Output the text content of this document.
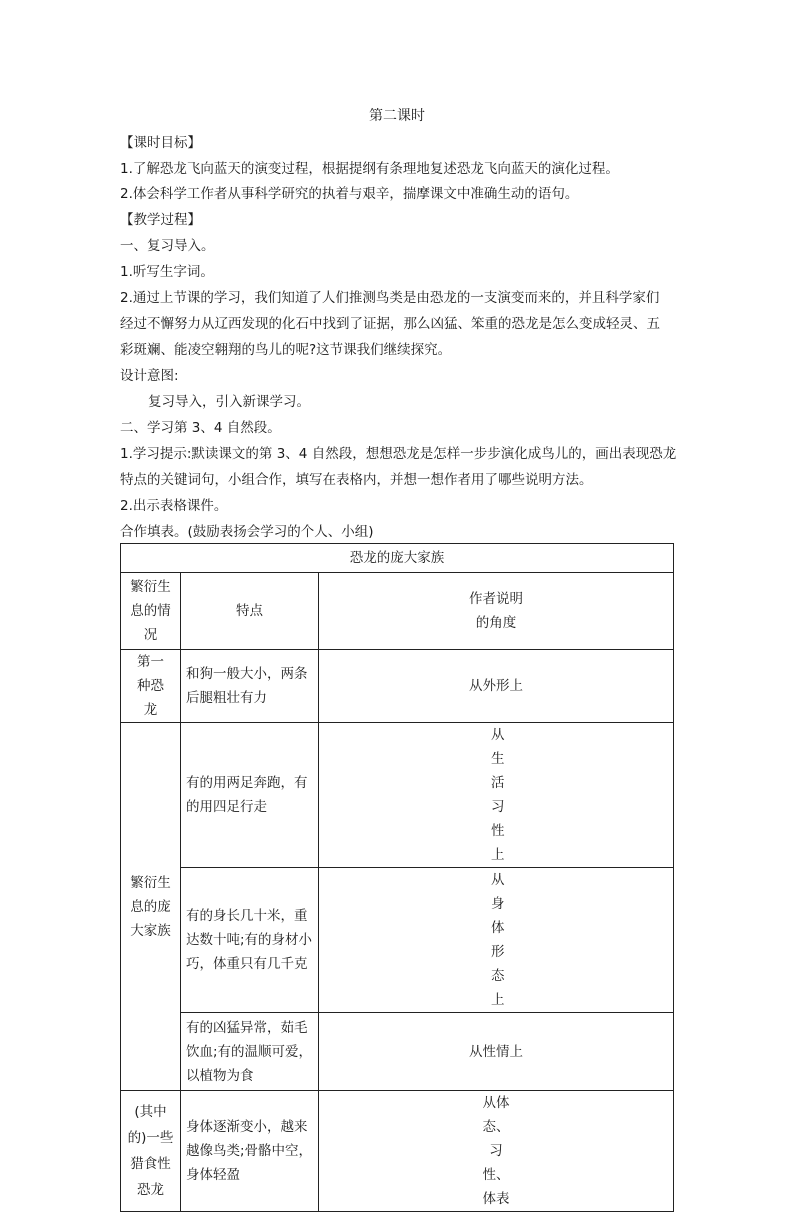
第二课时
【课时目标】
1.了解恐龙飞向蓝天的演变过程，根据提纲有条理地复述恐龙飞向蓝天的演化过程。
2.体会科学工作者从事科学研究的执着与艰辛，揣摩课文中准确生动的语句。
【教学过程】
一、复习导入。
1.听写生字词。
2.通过上节课的学习，我们知道了人们推测鸟类是由恐龙的一支演变而来的，并且科学家们
经过不懈努力从辽西发现的化石中找到了证据，那么凶猛、笨重的恐龙是怎么变成轻灵、五
彩斑斓、能凌空翱翔的鸟儿的呢?这节课我们继续探究。
设计意图:
复习导入，引入新课学习。
二、学习第 3、4 自然段。
1.学习提示:默读课文的第 3、4 自然段，想想恐龙是怎样一步步演化成鸟儿的，画出表现恐龙
特点的关键词句，小组合作，填写在表格内，并想一想作者用了哪些说明方法。
2.出示表格课件。
合作填表。(鼓励表扬会学习的个人、小组)
恐龙的庞大家族		
繁衍生息的情况	特点	作者说明的角度
第一种恐龙	和狗一般大小，两条后腿粗壮有力	从外形上
繁衍生息的庞大家族	有的用两足奔跑，有的用四足行走	从生活习性上
	有的身长几十米，重达数十吨;有的身材小巧，体重只有几千克	从身体形态上
	有的凶猛异常，茹毛饮血;有的温顺可爱，以植物为食	从性情上
(其中的)一些猎食性恐龙	身体逐渐变小，越来越像鸟类;骨骼中空，身体轻盈	从体态、习性、体表
